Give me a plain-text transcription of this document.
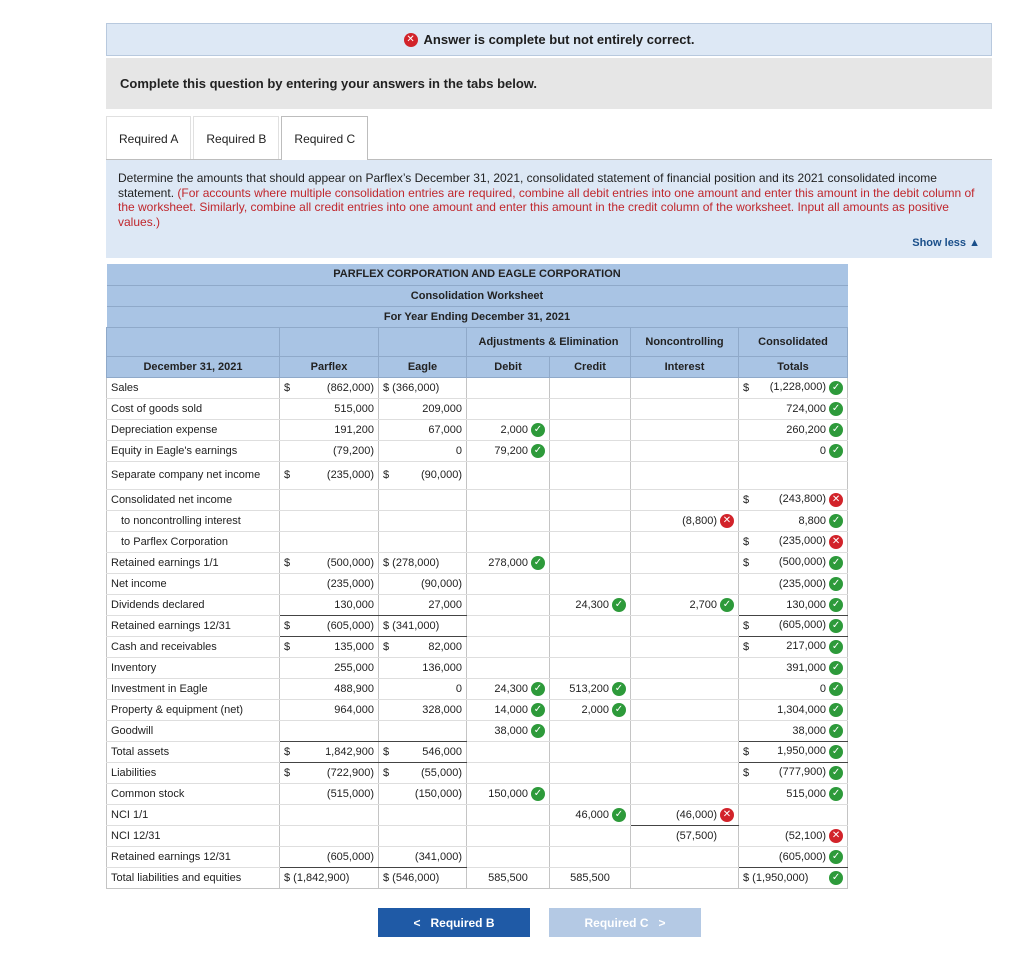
✕ Answer is complete but not entirely correct.
Complete this question by entering your answers in the tabs below.
Required A	Required B	Required C
Determine the amounts that should appear on Parflex’s December 31, 2021, consolidated statement of financial position and its 2021 consolidated income statement. (For accounts where multiple consolidation entries are required, combine all debit entries into one amount and enter this amount in the debit column of the worksheet. Similarly, combine all credit entries into one amount and enter this amount in the credit column of the worksheet. Input all amounts as positive values.)
Show less ▲
PARFLEX CORPORATION AND EAGLE CORPORATION						
Consolidation Worksheet						
For Year Ending December 31, 2021						
			Adjustments & Elimination		Noncontrolling	Consolidated
December 31, 2021	Parflex	Eagle	Debit	Credit	Interest	Totals
Sales	$ (862,000)	$ (366,000)				$ (1,228,000) ✓

Cost of goods sold	515,000	209,000				724,000 ✓

Depreciation expense	191,200	67,000	2,000 ✓			260,200 ✓

Equity in Eagle's earnings	(79,200)	0	79,200 ✓			0 ✓

Separate company net income	$ (235,000)	$ (90,000)				

Consolidated net income						$ (243,800) ✕

to noncontrolling interest					(8,800) ✕	8,800 ✓

to Parflex Corporation						$ (235,000) ✕

Retained earnings 1/1	$ (500,000)	$ (278,000)	278,000 ✓			$ (500,000) ✓

Net income	(235,000)	(90,000)				(235,000) ✓

Dividends declared	130,000	27,000		24,300 ✓	2,700 ✓	130,000 ✓

Retained earnings 12/31	$ (605,000)	$ (341,000)				$ (605,000) ✓

Cash and receivables	$ 135,000	$ 82,000				$ 217,000 ✓

Inventory	255,000	136,000				391,000 ✓

Investment in Eagle	488,900	0	24,300 ✓	513,200 ✓		0 ✓

Property & equipment (net)	964,000	328,000	14,000 ✓	2,000 ✓		1,304,000 ✓

Goodwill			38,000 ✓			38,000 ✓

Total assets	$ 1,842,900	$ 546,000				$ 1,950,000 ✓

Liabilities	$ (722,900)	$ (55,000)				$ (777,900) ✓

Common stock	(515,000)	(150,000)	150,000 ✓			515,000 ✓

NCI 1/1				46,000 ✓	(46,000) ✕	

NCI 12/31					(57,500)	(52,100) ✕

Retained earnings 12/31	(605,000)	(341,000)				(605,000) ✓

Total liabilities and equities	$ (1,842,900)	$ (546,000)	585,500	585,500		$ (1,950,000) ✓
< Required B	Required C >
